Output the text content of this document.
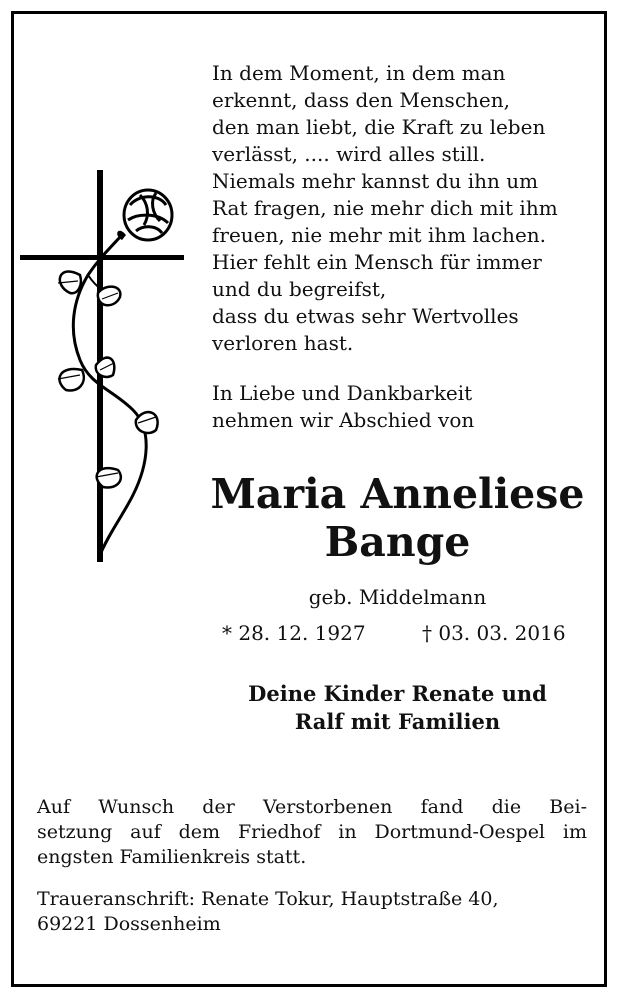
In dem Moment, in dem man
erkennt, dass den Menschen,
den man liebt, die Kraft zu leben
verlässt, .... wird alles still.
Niemals mehr kannst du ihn um
Rat fragen, nie mehr dich mit ihm
freuen, nie mehr mit ihm lachen.
Hier fehlt ein Mensch für immer
und du begreifst,
dass du etwas sehr Wertvolles
verloren hast.
In Liebe und Dankbarkeit
nehmen wir Abschied von
Maria Anneliese
Bange
geb. Middelmann
* 28. 12. 1927	† 03. 03. 2016
Deine Kinder Renate und
Ralf mit Familien
Auf Wunsch der Verstorbenen fand die Bei-
setzung auf dem Friedhof in Dortmund-Oespel im
engsten Familienkreis statt.
Traueranschrift: Renate Tokur, Hauptstraße 40,
69221 Dossenheim
